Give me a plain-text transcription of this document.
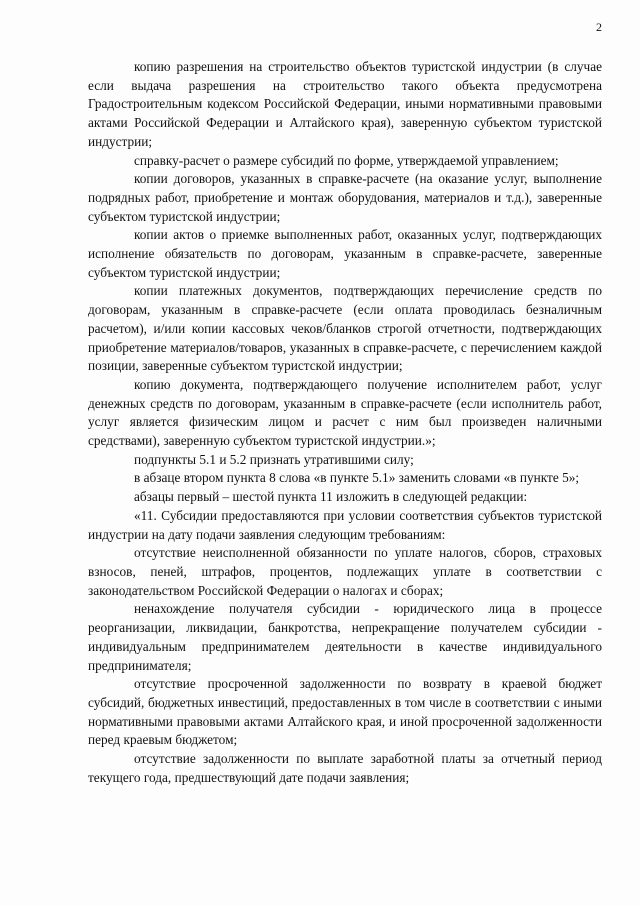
2

копию разрешения на строительство объектов туристской индустрии (в случае если выдача разрешения на строительство такого объекта предусмотрена Градостроительным кодексом Российской Федерации, иными нормативными правовыми актами Российской Федерации и Алтайского края), заверенную субъектом туристской индустрии;

справку-расчет о размере субсидий по форме, утверждаемой управлением;

копии договоров, указанных в справке-расчете (на оказание услуг, выполнение подрядных работ, приобретение и монтаж оборудования, материалов и т.д.), заверенные субъектом туристской индустрии;

копии актов о приемке выполненных работ, оказанных услуг, подтверждающих исполнение обязательств по договорам, указанным в справке-расчете, заверенные субъектом туристской индустрии;

копии платежных документов, подтверждающих перечисление средств по договорам, указанным в справке-расчете (если оплата проводилась безналичным расчетом), и/или копии кассовых чеков/бланков строгой отчетности, подтверждающих приобретение материалов/товаров, указанных в справке-расчете, с перечислением каждой позиции, заверенные субъектом туристской индустрии;

копию документа, подтверждающего получение исполнителем работ, услуг денежных средств по договорам, указанным в справке-расчете (если исполнитель работ, услуг является физическим лицом и расчет с ним был произведен наличными средствами), заверенную субъектом туристской индустрии.»;

подпункты 5.1 и 5.2 признать утратившими силу;

в абзаце втором пункта 8 слова «в пункте 5.1» заменить словами «в пункте 5»;

абзацы первый – шестой пункта 11 изложить в следующей редакции:

«11. Субсидии предоставляются при условии соответствия субъектов туристской индустрии на дату подачи заявления следующим требованиям:

отсутствие неисполненной обязанности по уплате налогов, сборов, страховых взносов, пеней, штрафов, процентов, подлежащих уплате в соответствии с законодательством Российской Федерации о налогах и сборах;

ненахождение получателя субсидии - юридического лица в процессе реорганизации, ликвидации, банкротства, непрекращение получателем субсидии - индивидуальным предпринимателем деятельности в качестве индивидуального предпринимателя;

отсутствие просроченной задолженности по возврату в краевой бюджет субсидий, бюджетных инвестиций, предоставленных в том числе в соответствии с иными нормативными правовыми актами Алтайского края, и иной просроченной задолженности перед краевым бюджетом;

отсутствие задолженности по выплате заработной платы за отчетный период текущего года, предшествующий дате подачи заявления;
